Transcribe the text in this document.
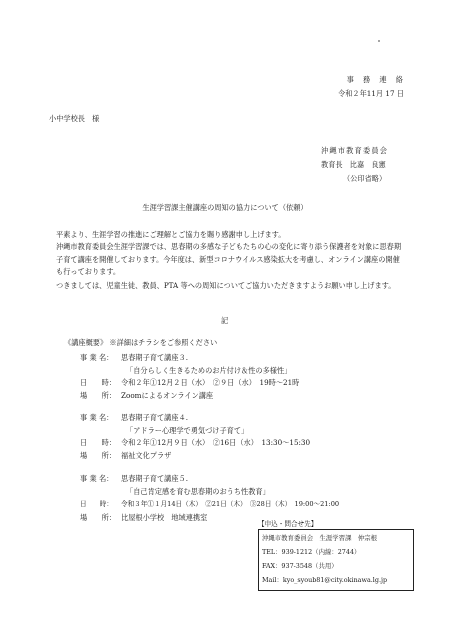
事　務　連　絡
令和２年11月 17 日
小中学校長　様
沖縄市教育委員会
教育長　比嘉　良憲
（公印省略）
生涯学習課主催講座の周知の協力について（依頼）
平素より、生涯学習の推進にご理解とご協力を賜り感謝申し上げます。
沖縄市教育委員会生涯学習課では、思春期の多感な子どもたちの心の変化に寄り添う保護者を対象に思春期子育て講座を開催しております。今年度は、新型コロナウイルス感染拡大を考慮し、オンライン講座の開催も行っております。
つきましては、児童生徒、教員、PTA 等への周知についてご協力いただきますようお願い申し上げます。
記
《講座概要》 ※詳細はチラシをご参照ください
事 業 名： 思春期子育て講座３.
「自分らしく生きるためのお片付け＆性の多様性」
日　　時： 令和２年①12月２日（水）　②９日（水）　19時～21時
場　　所： Zoomによるオンライン講座
事 業 名： 思春期子育て講座４.
「アドラー心理学で勇気づけ子育て」
日　　時： 令和２年①12月９日（水）　②16日（水）　13:30～15:30
場　　所： 福祉文化プラザ
事 業 名： 思春期子育て講座５.
「自己肯定感を育む思春期のおうち性教育」
日　　時： 令和３年①１月14日（木）　②21日（木）　③28日（木）　19:00～21:00
場　　所： 比屋根小学校　地域連携室
【申込・問合せ先】
沖縄市教育委員会　生涯学習課　仲宗根
TEL：939-1212（内線：2744）
FAX：937-3548（共用）
Mail：kyo_syoub81@city.okinawa.lg.jp
